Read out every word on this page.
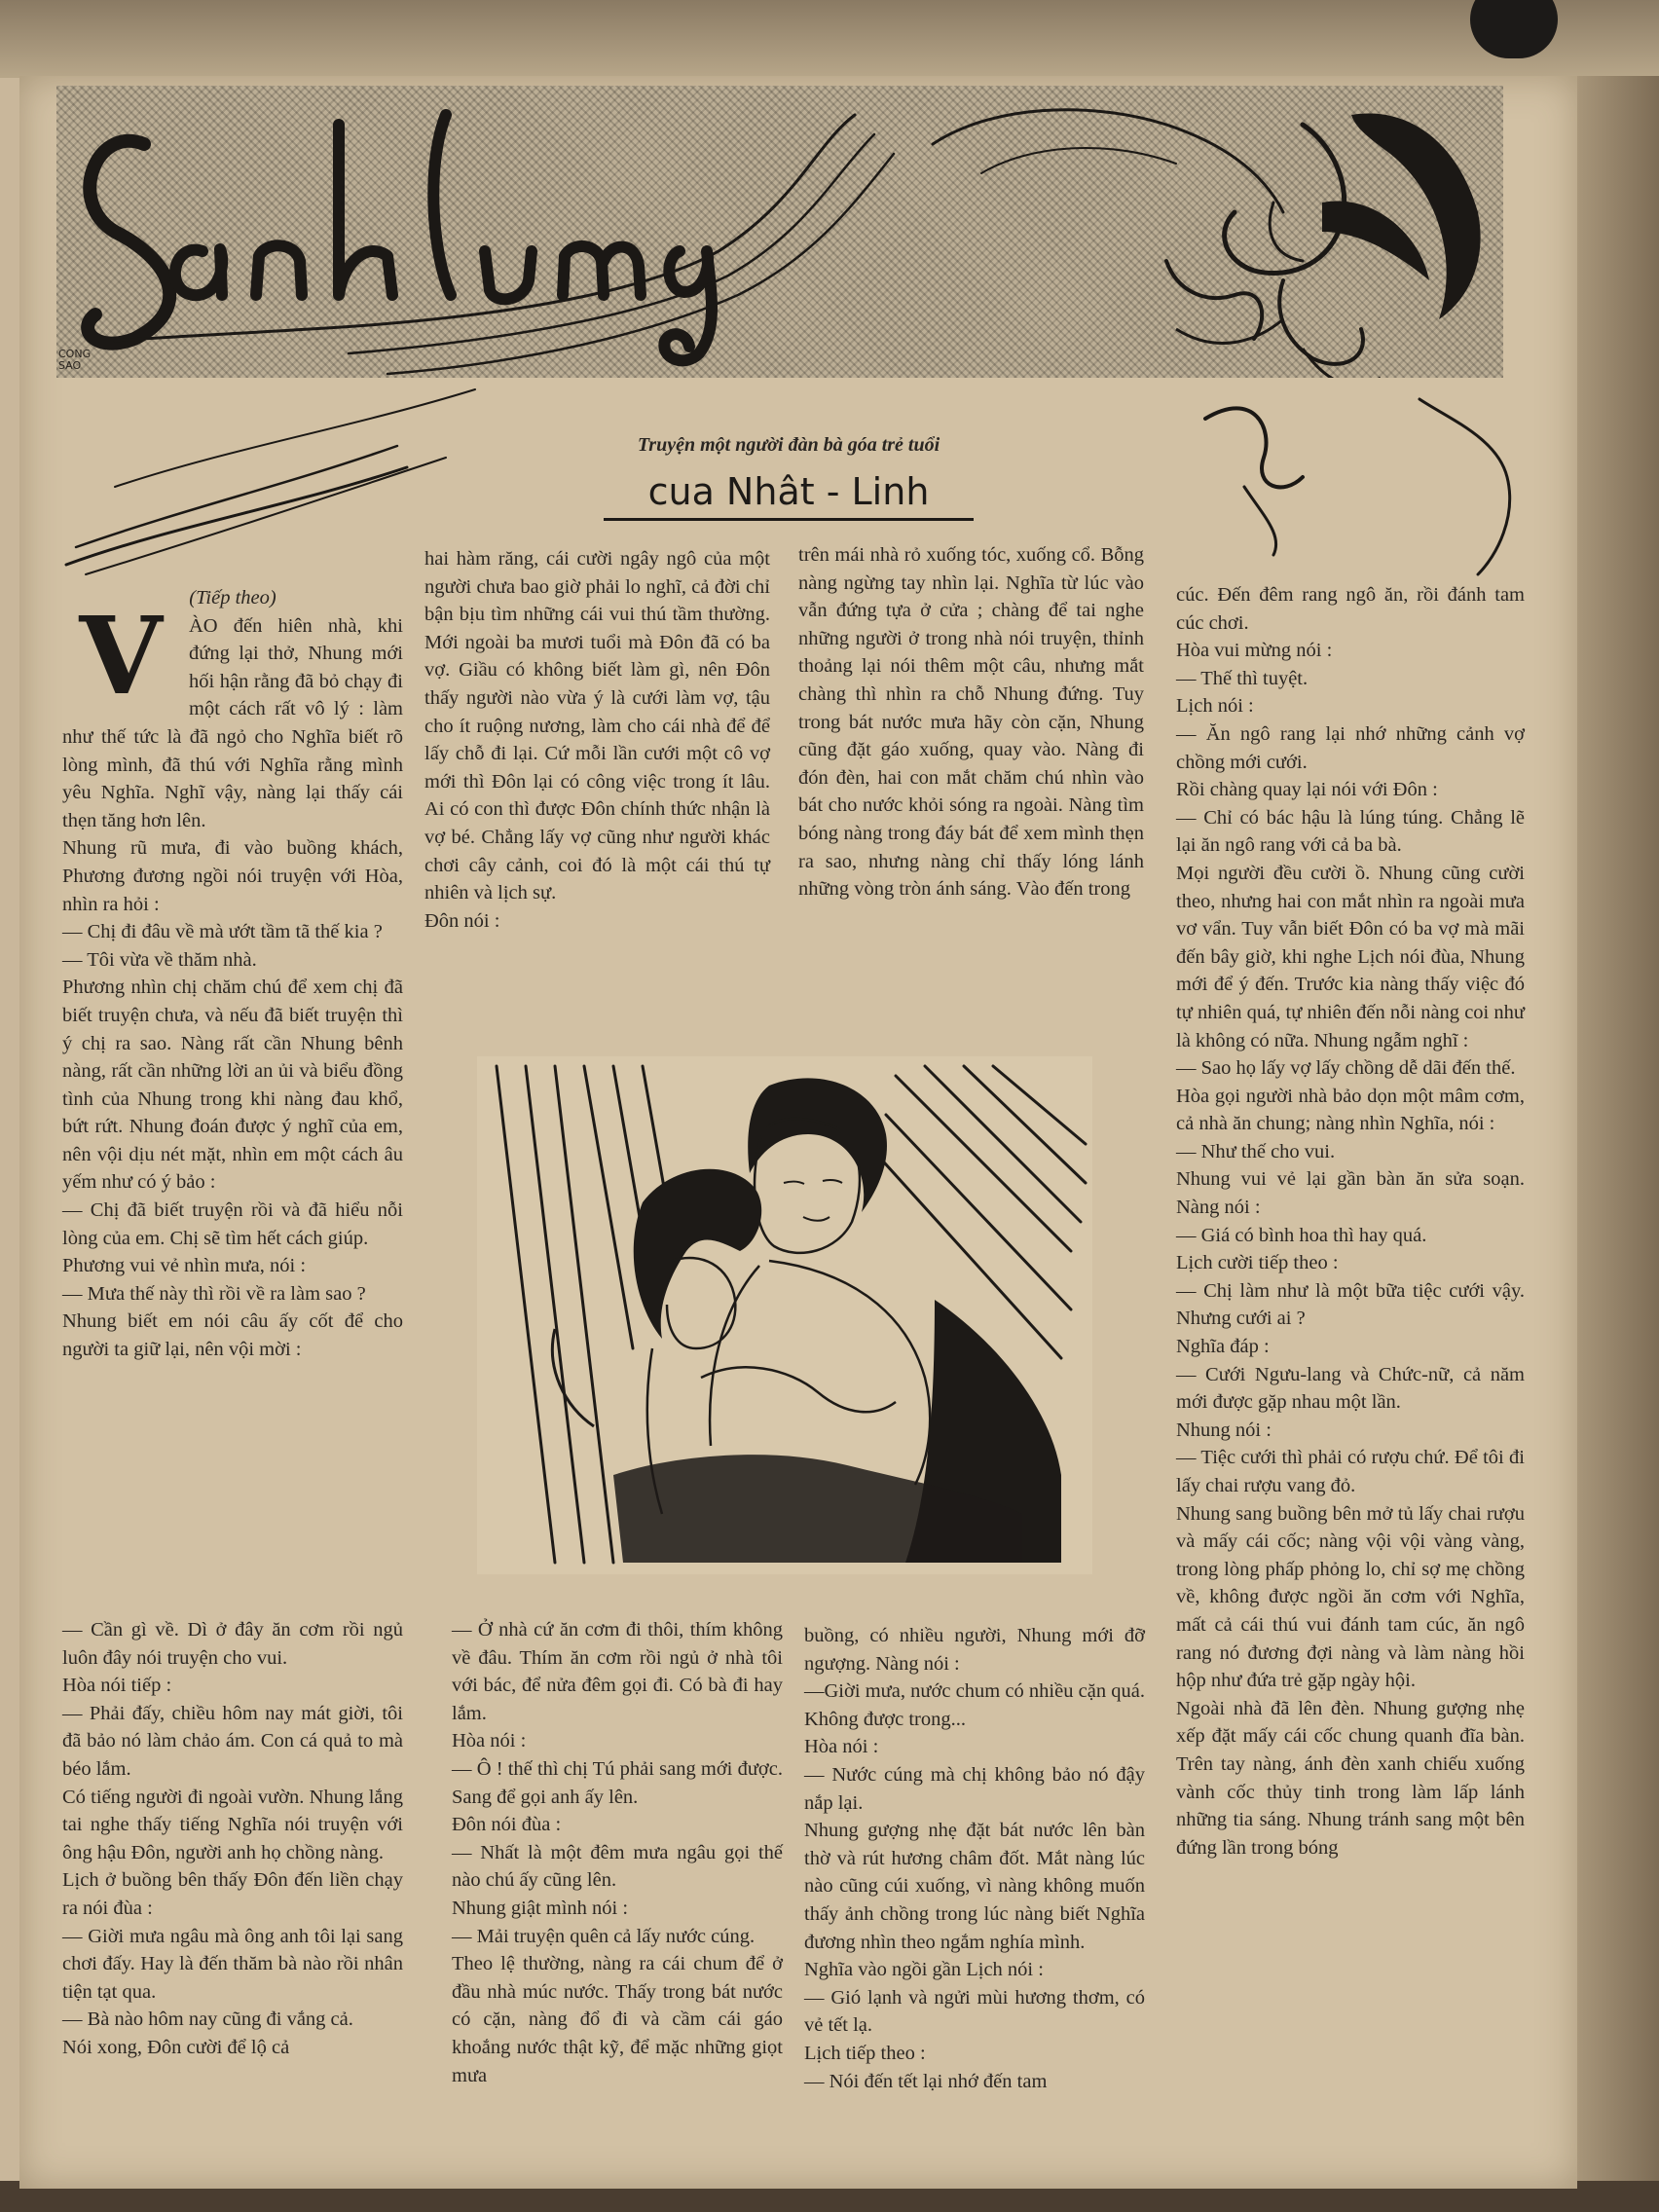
CONG SAO
Truyện một người đàn bà góa trẻ tuổi
cua Nhât - Linh

(Tiếp theo)

V	ÀO đến hiên nhà, khi đứng lại thở, Nhung mới hối hận rằng đã bỏ chạy đi một cách rất vô lý : làm như thế tức là đã ngỏ cho Nghĩa biết rõ lòng mình, đã thú với Nghĩa rằng mình yêu Nghĩa. Nghĩ vậy, nàng lại thấy cái thẹn tăng hơn lên.

Nhung rũ mưa, đi vào buồng khách, Phương đương ngồi nói truyện với Hòa, nhìn ra hỏi :

— Chị đi đâu về mà ướt tầm tã thế kia ?

— Tôi vừa về thăm nhà.

Phương nhìn chị chăm chú để xem chị đã biết truyện chưa, và nếu đã biết truyện thì ý chị ra sao. Nàng rất cần Nhung bênh nàng, rất cần những lời an ủi và biểu đồng tình của Nhung trong khi nàng đau khổ, bứt rứt. Nhung đoán được ý nghĩ của em, nên vội dịu nét mặt, nhìn em một cách âu yếm như có ý bảo :

— Chị đã biết truyện rồi và đã hiểu nỗi lòng của em. Chị sẽ tìm hết cách giúp.

Phương vui vẻ nhìn mưa, nói :

— Mưa thế này thì rồi về ra làm sao ?

Nhung biết em nói câu ấy cốt để cho người ta giữ lại, nên vội mời :

— Cần gì về. Dì ở đây ăn cơm rồi ngủ luôn đây nói truyện cho vui.

Hòa nói tiếp :

— Phải đấy, chiều hôm nay mát giời, tôi đã bảo nó làm chảo ám. Con cá quả to mà béo lắm.

Có tiếng người đi ngoài vườn. Nhung lắng tai nghe thấy tiếng Nghĩa nói truyện với ông hậu Đôn, người anh họ chồng nàng.

Lịch ở buồng bên thấy Đôn đến liền chạy ra nói đùa :

— Giời mưa ngâu mà ông anh tôi lại sang chơi đấy. Hay là đến thăm bà nào rồi nhân tiện tạt qua.

— Bà nào hôm nay cũng đi vắng cả.

Nói xong, Đôn cười để lộ cả

hai hàm răng, cái cười ngây ngô của một người chưa bao giờ phải lo nghĩ, cả đời chỉ bận bịu tìm những cái vui thú tầm thường. Mới ngoài ba mươi tuổi mà Đôn đã có ba vợ. Giầu có không biết làm gì, nên Đôn thấy người nào vừa ý là cưới làm vợ, tậu cho ít ruộng nương, làm cho cái nhà để để lấy chỗ đi lại. Cứ mỗi lần cưới một cô vợ mới thì Đôn lại có công việc trong ít lâu. Ai có con thì được Đôn chính thức nhận là vợ bé. Chẳng lấy vợ cũng như người khác chơi cây cảnh, coi đó là một cái thú tự nhiên và lịch sự.

Đôn nói :

trên mái nhà rỏ xuống tóc, xuống cổ. Bỗng nàng ngừng tay nhìn lại. Nghĩa từ lúc vào vẫn đứng tựa ở cửa ; chàng để tai nghe những người ở trong nhà nói truyện, thỉnh thoảng lại nói thêm một câu, nhưng mắt chàng thì nhìn ra chỗ Nhung đứng. Tuy trong bát nước mưa hãy còn cặn, Nhung cũng đặt gáo xuống, quay vào. Nàng đi đón đèn, hai con mắt chăm chú nhìn vào bát cho nước khỏi sóng ra ngoài. Nàng tìm bóng nàng trong đáy bát để xem mình thẹn ra sao, nhưng nàng chỉ thấy lóng lánh những vòng tròn ánh sáng. Vào đến trong

— Ở nhà cứ ăn cơm đi thôi, thím không về đâu. Thím ăn cơm rồi ngủ ở nhà tôi với bác, để nửa đêm gọi đi. Có bà đi hay lắm.

Hòa nói :

— Ô ! thế thì chị Tú phải sang mới được. Sang để gọi anh ấy lên.

Đôn nói đùa :

— Nhất là một đêm mưa ngâu gọi thế nào chú ấy cũng lên.

Nhung giật mình nói :

— Mải truyện quên cả lấy nước cúng.

Theo lệ thường, nàng ra cái chum để ở đầu nhà múc nước. Thấy trong bát nước có cặn, nàng đổ đi và cầm cái gáo khoắng nước thật kỹ, để mặc những giọt mưa

buồng, có nhiều người, Nhung mới đỡ ngượng. Nàng nói :

—Giời mưa, nước chum có nhiều cặn quá. Không được trong...

Hòa nói :

— Nước cúng mà chị không bảo nó đậy nắp lại.

Nhung gượng nhẹ đặt bát nước lên bàn thờ và rút hương châm đốt. Mắt nàng lúc nào cũng cúi xuống, vì nàng không muốn thấy ảnh chồng trong lúc nàng biết Nghĩa đương nhìn theo ngắm nghía mình.

Nghĩa vào ngồi gần Lịch nói :

— Gió lạnh và ngửi mùi hương thơm, có vẻ tết lạ.

Lịch tiếp theo :

— Nói đến tết lại nhớ đến tam

cúc. Đến đêm rang ngô ăn, rồi đánh tam cúc chơi.

Hòa vui mừng nói :

— Thế thì tuyệt.

Lịch nói :

— Ăn ngô rang lại nhớ những cảnh vợ chồng mới cưới.

Rồi chàng quay lại nói với Đôn :

— Chỉ có bác hậu là lúng túng. Chẳng lẽ lại ăn ngô rang với cả ba bà.

Mọi người đều cười ồ. Nhung cũng cười theo, nhưng hai con mắt nhìn ra ngoài mưa vơ vẩn. Tuy vẫn biết Đôn có ba vợ mà mãi đến bây giờ, khi nghe Lịch nói đùa, Nhung mới để ý đến. Trước kia nàng thấy việc đó tự nhiên quá, tự nhiên đến nỗi nàng coi như là không có nữa. Nhung ngẫm nghĩ :

— Sao họ lấy vợ lấy chồng dễ dãi đến thế.

Hòa gọi người nhà bảo dọn một mâm cơm, cả nhà ăn chung; nàng nhìn Nghĩa, nói :

— Như thế cho vui.

Nhung vui vẻ lại gần bàn ăn sửa soạn. Nàng nói :

— Giá có bình hoa thì hay quá.

Lịch cười tiếp theo :

— Chị làm như là một bữa tiệc cưới vậy. Nhưng cưới ai ?

Nghĩa đáp :

— Cưới Ngưu-lang và Chức-nữ, cả năm mới được gặp nhau một lần.

Nhung nói :

— Tiệc cưới thì phải có rượu chứ. Để tôi đi lấy chai rượu vang đỏ.

Nhung sang buồng bên mở tủ lấy chai rượu và mấy cái cốc; nàng vội vội vàng vàng, trong lòng phấp phỏng lo, chỉ sợ mẹ chồng về, không được ngồi ăn cơm với Nghĩa, mất cả cái thú vui đánh tam cúc, ăn ngô rang nó đương đợi nàng và làm nàng hồi hộp như đứa trẻ gặp ngày hội.

Ngoài nhà đã lên đèn. Nhung gượng nhẹ xếp đặt mấy cái cốc chung quanh đĩa bàn. Trên tay nàng, ánh đèn xanh chiếu xuống vành cốc thủy tinh trong làm lấp lánh những tia sáng. Nhung tránh sang một bên đứng lần trong bóng
